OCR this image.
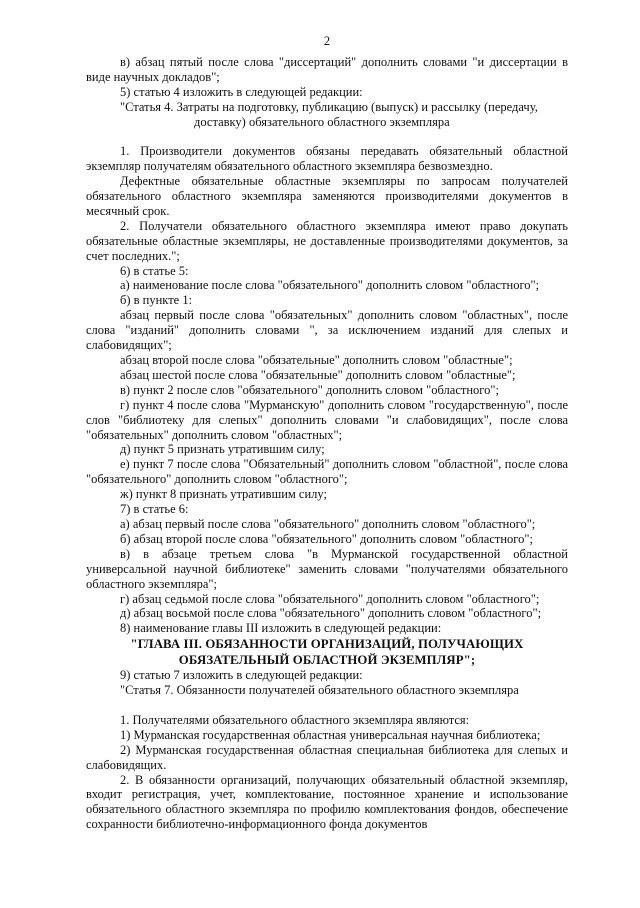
2

в) абзац пятый после слова "диссертаций" дополнить словами "и диссертации в виде научных докладов";

5) статью 4 изложить в следующей редакции:

"Статья 4. Затраты на подготовку, публикацию (выпуск) и рассылку (передачу,
доставку) обязательного областного экземпляра

1. Производители документов обязаны передавать обязательный областной экземпляр получателям обязательного областного экземпляра безвозмездно.

Дефектные обязательные областные экземпляры по запросам получателей обязательного областного экземпляра заменяются производителями документов в месячный срок.

2. Получатели обязательного областного экземпляра имеют право докупать обязательные областные экземпляры, не доставленные производителями документов, за счет последних.";

6) в статье 5:

а) наименование после слова "обязательного" дополнить словом "областного";

б) в пункте 1:

абзац первый после слова "обязательных" дополнить словом "областных", после слова "изданий" дополнить словами ", за исключением изданий для слепых и слабовидящих";

абзац второй после слова "обязательные" дополнить словом "областные";

абзац шестой после слова "обязательные" дополнить словом "областные";

в) пункт 2 после слов "обязательного" дополнить словом "областного";

г) пункт 4 после слова "Мурманскую" дополнить словом "государственную", после слов "библиотеку для слепых" дополнить словами "и слабовидящих", после слова "обязательных" дополнить словом "областных";

д) пункт 5 признать утратившим силу;

е) пункт 7 после слова "Обязательный" дополнить словом "областной", после слова "обязательного" дополнить словом "областного";

ж) пункт 8 признать утратившим силу;

7) в статье 6:

а) абзац первый после слова "обязательного" дополнить словом "областного";

б) абзац второй после слова "обязательного" дополнить словом "областного";

в) в абзаце третьем слова "в Мурманской государственной областной универсальной научной библиотеке" заменить словами "получателями обязательного областного экземпляра";

г) абзац седьмой после слова "обязательного" дополнить словом "областного";

д) абзац восьмой после слова "обязательного" дополнить словом "областного";

8) наименование главы III изложить в следующей редакции:

"ГЛАВА III. ОБЯЗАННОСТИ ОРГАНИЗАЦИЙ, ПОЛУЧАЮЩИХ ОБЯЗАТЕЛЬНЫЙ ОБЛАСТНОЙ ЭКЗЕМПЛЯР";

9) статью 7 изложить в следующей редакции:

"Статья 7. Обязанности получателей обязательного областного экземпляра

1. Получателями обязательного областного экземпляра являются:

1) Мурманская государственная областная универсальная научная библиотека;

2) Мурманская государственная областная специальная библиотека для слепых и слабовидящих.

2. В обязанности организаций, получающих обязательный областной экземпляр, входит регистрация, учет, комплектование, постоянное хранение и использование обязательного областного экземпляра по профилю комплектования фондов, обеспечение сохранности библиотечно-информационного фонда документов
